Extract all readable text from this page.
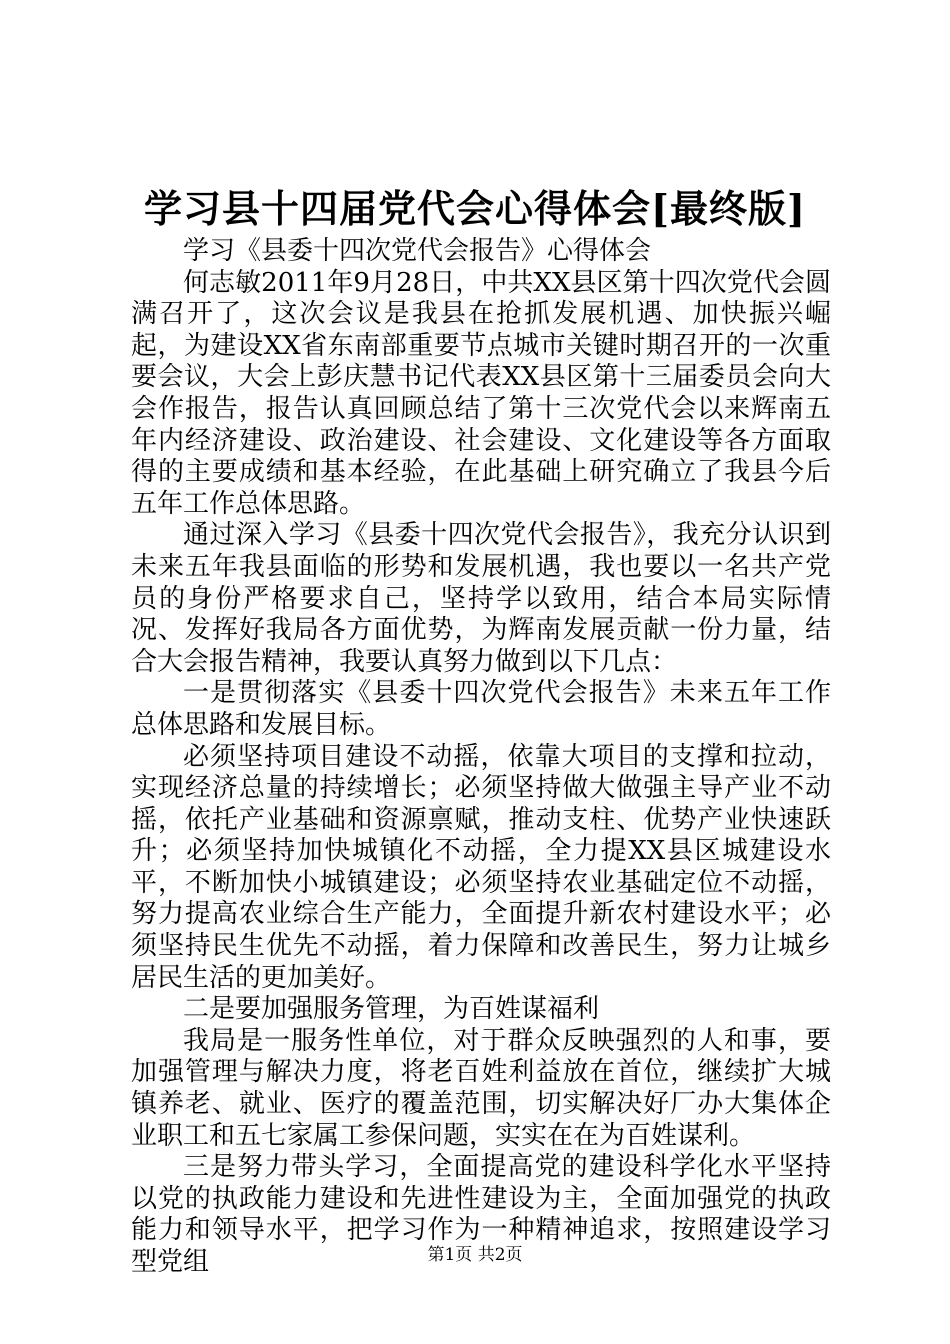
学习县十四届党代会心得体会[最终版]

学习《县委十四次党代会报告》心得体会

何志敏2011年9月28日，中共XX县区第十四次党代会圆满召开了，这次会议是我县在抢抓发展机遇、加快振兴崛起，为建设XX省东南部重要节点城市关键时期召开的一次重要会议，大会上彭庆慧书记代表XX县区第十三届委员会向大会作报告，报告认真回顾总结了第十三次党代会以来辉南五年内经济建设、政治建设、社会建设、文化建设等各方面取得的主要成绩和基本经验，在此基础上研究确立了我县今后五年工作总体思路。

通过深入学习《县委十四次党代会报告》，我充分认识到未来五年我县面临的形势和发展机遇，我也要以一名共产党员的身份严格要求自己，坚持学以致用，结合本局实际情况、发挥好我局各方面优势，为辉南发展贡献一份力量，结合大会报告精神，我要认真努力做到以下几点：

一是贯彻落实《县委十四次党代会报告》未来五年工作总体思路和发展目标。

必须坚持项目建设不动摇，依靠大项目的支撑和拉动，实现经济总量的持续增长；必须坚持做大做强主导产业不动摇，依托产业基础和资源禀赋，推动支柱、优势产业快速跃升；必须坚持加快城镇化不动摇，全力提XX县区城建设水平，不断加快小城镇建设；必须坚持农业基础定位不动摇，努力提高农业综合生产能力，全面提升新农村建设水平；必须坚持民生优先不动摇，着力保障和改善民生，努力让城乡居民生活的更加美好。

二是要加强服务管理，为百姓谋福利

我局是一服务性单位，对于群众反映强烈的人和事，要加强管理与解决力度，将老百姓利益放在首位，继续扩大城镇养老、就业、医疗的覆盖范围，切实解决好厂办大集体企业职工和五七家属工参保问题，实实在在为百姓谋利。

三是努力带头学习，全面提高党的建设科学化水平坚持以党的执政能力建设和先进性建设为主，全面加强党的执政能力和领导水平，把学习作为一种精神追求，按照建设学习型党组	第1页 共2页
